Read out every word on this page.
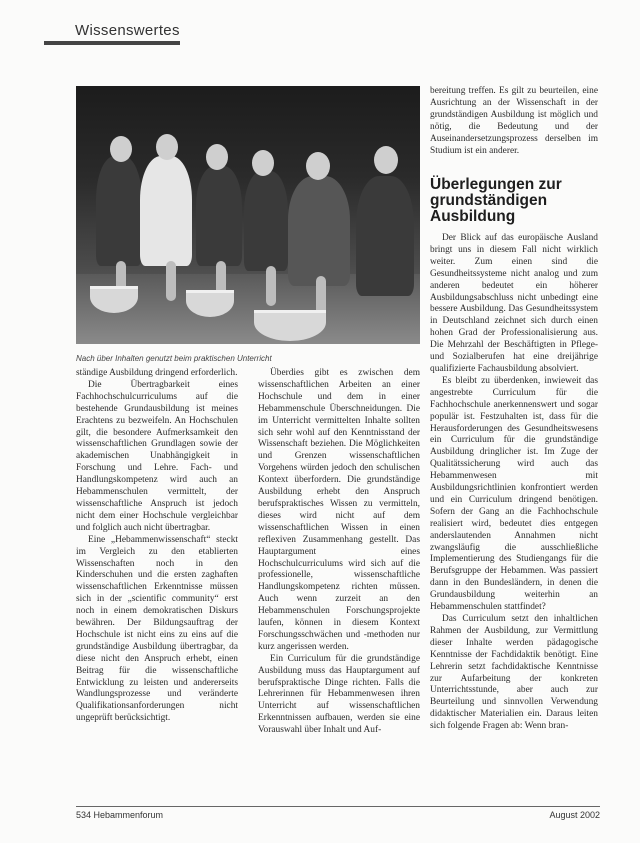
Wissenswertes
Nach über Inhalten genutzt beim praktischen Unterricht

ständige Ausbildung dringend erforderlich.

Die Übertragbarkeit eines Fachhochschulcurriculums auf die bestehende Grundausbildung ist meines Erachtens zu bezweifeln. An Hochschulen gilt, die besondere Aufmerksamkeit den wissenschaftlichen Grundlagen sowie der akademischen Unabhängigkeit in Forschung und Lehre. Fach- und Handlungskompetenz wird auch an Hebammenschulen vermittelt, der wissenschaftliche Anspruch ist jedoch nicht dem einer Hochschule vergleichbar und folglich auch nicht übertragbar.

Eine „Hebammenwissenschaft“ steckt im Vergleich zu den etablierten Wissenschaften noch in den Kinderschuhen und die ersten zaghaften wissenschaftlichen Erkenntnisse müssen sich in der „scientific community“ erst noch in einem demokratischen Diskurs bewähren. Der Bildungsauftrag der Hochschule ist nicht eins zu eins auf die grundständige Ausbildung übertragbar, da diese nicht den Anspruch erhebt, einen Beitrag für die wissenschaftliche Entwicklung zu leisten und andererseits Wandlungsprozesse und veränderte Qualifikationsanforderungen nicht ungeprüft berücksichtigt.

Überdies gibt es zwischen dem wissenschaftlichen Arbeiten an einer Hochschule und dem in einer Hebammenschule Überschneidungen. Die im Unterricht vermittelten Inhalte sollten sich sehr wohl auf den Kenntnisstand der Wissenschaft beziehen. Die Möglichkeiten und Grenzen wissenschaftlichen Vorgehens würden jedoch den schulischen Kontext überfordern. Die grundständige Ausbildung erhebt den Anspruch berufspraktisches Wissen zu vermitteln, dieses wird nicht auf dem wissenschaftlichen Wissen in einen reflexiven Zusammenhang gestellt. Das Hauptargument eines Hochschulcurriculums wird sich auf die professionelle, wissenschaftliche Handlungskompetenz richten müssen. Auch wenn zurzeit an den Hebammenschulen Forschungsprojekte laufen, können in diesem Kontext Forschungsschwächen und -methoden nur kurz angerissen werden.

Ein Curriculum für die grundständige Ausbildung muss das Hauptargument auf berufspraktische Dinge richten. Falls die Lehrerinnen für Hebammenwesen ihren Unterricht auf wissenschaftlichen Erkenntnissen aufbauen, werden sie eine Vorauswahl über Inhalt und Auf-

bereitung treffen. Es gilt zu beurteilen, eine Ausrichtung an der Wissenschaft in der grundständigen Ausbildung ist möglich und nötig, die Bedeutung und der Auseinandersetzungsprozess derselben im Studium ist ein anderer.

Überlegungen zur grundständigen Ausbildung

Der Blick auf das europäische Ausland bringt uns in diesem Fall nicht wirklich weiter. Zum einen sind die Gesundheitssysteme nicht analog und zum anderen bedeutet ein höherer Ausbildungsabschluss nicht unbedingt eine bessere Ausbildung. Das Gesundheitssystem in Deutschland zeichnet sich durch einen hohen Grad der Professionalisierung aus. Die Mehrzahl der Beschäftigten in Pflege- und Sozialberufen hat eine dreijährige qualifizierte Fachausbildung absolviert.

Es bleibt zu überdenken, inwieweit das angestrebte Curriculum für die Fachhochschule anerkennenswert und sogar populär ist. Festzuhalten ist, dass für die Herausforderungen des Gesundheitswesens ein Curriculum für die grundständige Ausbildung dringlicher ist. Im Zuge der Qualitätssicherung wird auch das Hebammenwesen mit Ausbildungsrichtlinien konfrontiert werden und ein Curriculum dringend benötigen. Sofern der Gang an die Fachhochschule realisiert wird, bedeutet dies entgegen anderslautenden Annahmen nicht zwangsläufig die ausschließliche Implementierung des Studiengangs für die Berufsgruppe der Hebammen. Was passiert dann in den Bundesländern, in denen die Grundausbildung weiterhin an Hebammenschulen stattfindet?

Das Curriculum setzt den inhaltlichen Rahmen der Ausbildung, zur Vermittlung dieser Inhalte werden pädagogische Kenntnisse der Fachdidaktik benötigt. Eine Lehrerin setzt fachdidaktische Kenntnisse zur Aufarbeitung der konkreten Unterrichtsstunde, aber auch zur Beurteilung und sinnvollen Verwendung didaktischer Materialien ein. Daraus leiten sich folgende Fragen ab: Wenn bran-

534 Hebammenforum	August 2002
